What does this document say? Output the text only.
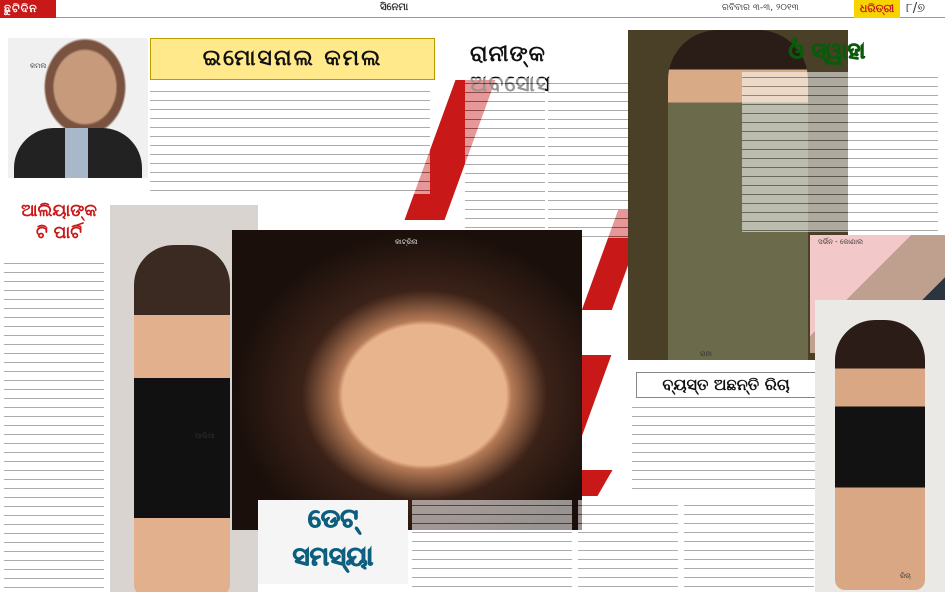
ଛୁଟିଦିନ	ସିନେମା	ରବିବାର ୩-୩, ୨୦୧୩	ଧରିତ୍ରୀ ୮/୭
କମଲ	ଇମୋସନାଲ କମଲ	ରାନୀଙ୍କ
ରାନୀ
ଓଁ ସ୍ୱାହା
ସର୍ଭିନ - କୋଣାଲ
ଆଲିୟାଙ୍କ
ଟି ପାର୍ଟି
ଆଲିଆ
କାଟ୍ରିନା
ଡେଟ୍
ସମସ୍ୟା
ବ୍ୟସ୍ତ ଅଛନ୍ତି ରିଚା
ରିଚା
